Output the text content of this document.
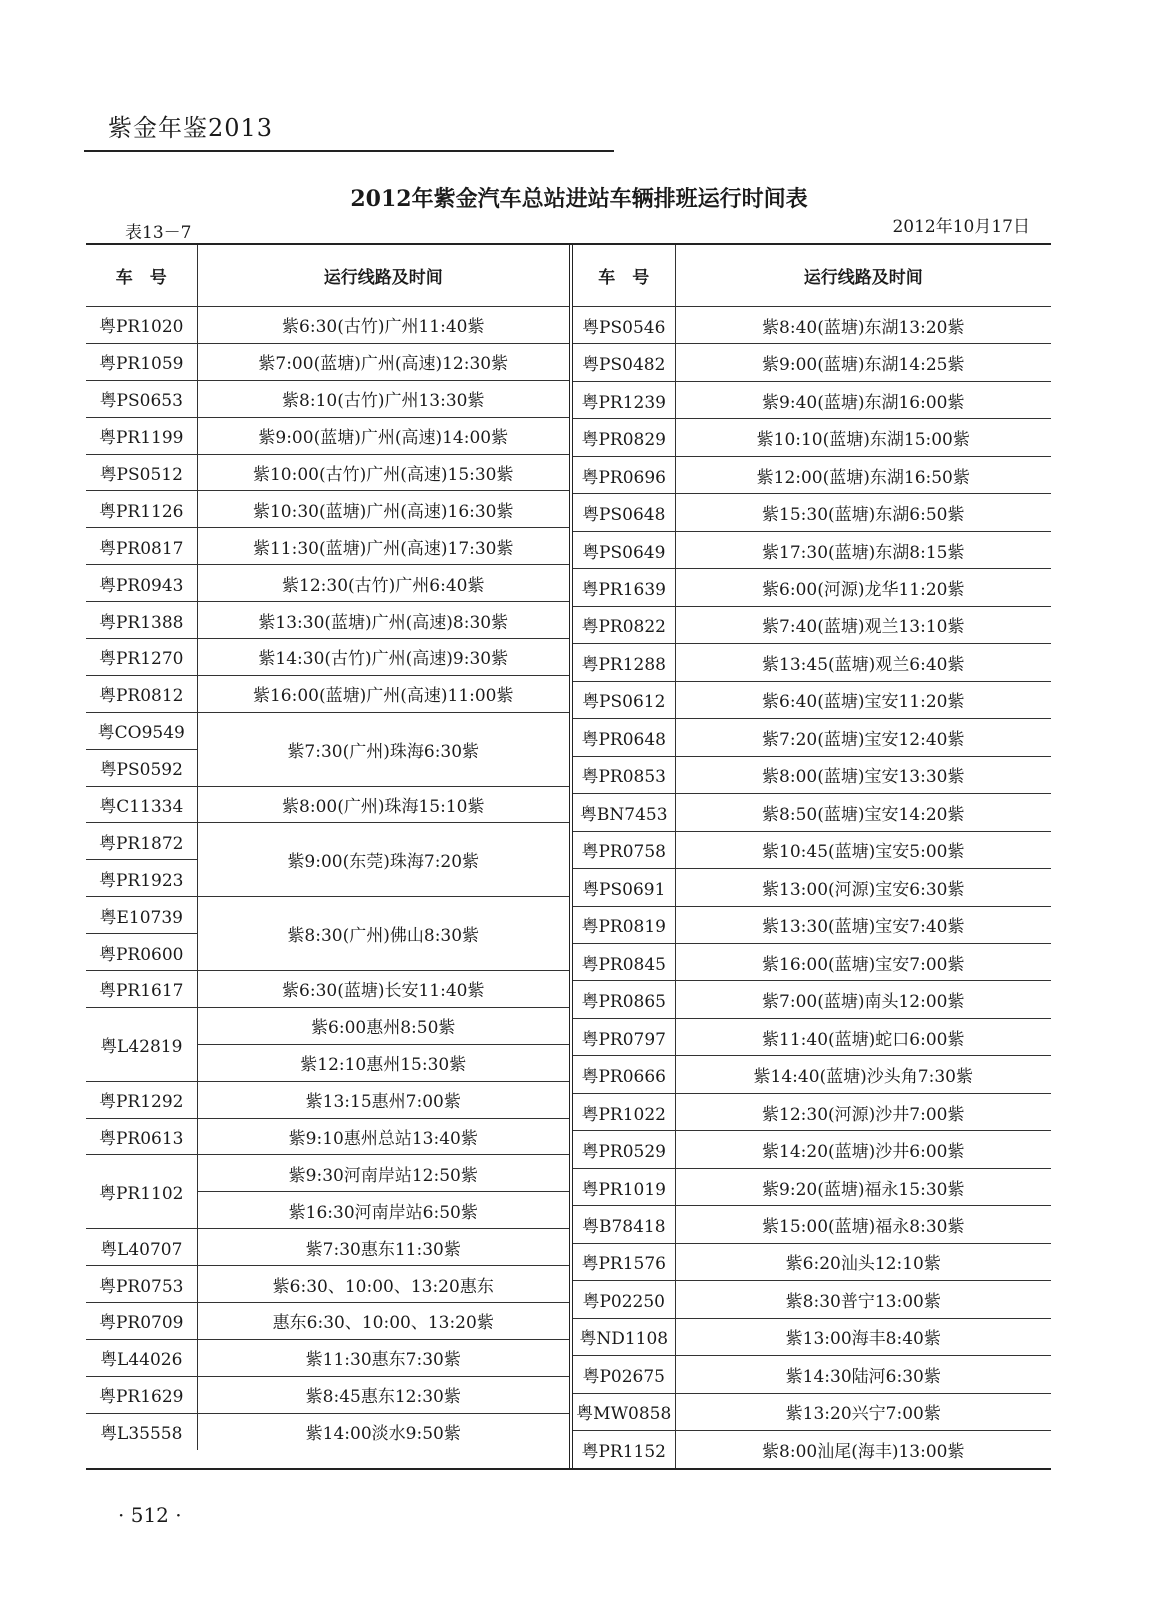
紫金年鉴2013
2012年紫金汽车总站进站车辆排班运行时间表
表13－7	2012年10月17日
车　号	运行线路及时间
粤PR1020	紫6:30(古竹)广州11:40紫
粤PR1059	紫7:00(蓝塘)广州(高速)12:30紫
粤PS0653	紫8:10(古竹)广州13:30紫
粤PR1199	紫9:00(蓝塘)广州(高速)14:00紫
粤PS0512	紫10:00(古竹)广州(高速)15:30紫
粤PR1126	紫10:30(蓝塘)广州(高速)16:30紫
粤PR0817	紫11:30(蓝塘)广州(高速)17:30紫
粤PR0943	紫12:30(古竹)广州6:40紫
粤PR1388	紫13:30(蓝塘)广州(高速)8:30紫
粤PR1270	紫14:30(古竹)广州(高速)9:30紫
粤PR0812	紫16:00(蓝塘)广州(高速)11:00紫
粤CO9549	紫7:30(广州)珠海6:30紫
粤PS0592	
粤C11334	紫8:00(广州)珠海15:10紫
粤PR1872	紫9:00(东莞)珠海7:20紫
粤PR1923	
粤E10739	紫8:30(广州)佛山8:30紫
粤PR0600	
粤PR1617	紫6:30(蓝塘)长安11:40紫
粤L42819	紫6:00惠州8:50紫
	紫12:10惠州15:30紫
粤PR1292	紫13:15惠州7:00紫
粤PR0613	紫9:10惠州总站13:40紫
粤PR1102	紫9:30河南岸站12:50紫
	紫16:30河南岸站6:50紫
粤L40707	紫7:30惠东11:30紫
粤PR0753	紫6:30、10:00、13:20惠东
粤PR0709	惠东6:30、10:00、13:20紫
粤L44026	紫11:30惠东7:30紫
粤PR1629	紫8:45惠东12:30紫
粤L35558	紫14:00淡水9:50紫
车　号	运行线路及时间
粤PS0546	紫8:40(蓝塘)东湖13:20紫
粤PS0482	紫9:00(蓝塘)东湖14:25紫
粤PR1239	紫9:40(蓝塘)东湖16:00紫
粤PR0829	紫10:10(蓝塘)东湖15:00紫
粤PR0696	紫12:00(蓝塘)东湖16:50紫
粤PS0648	紫15:30(蓝塘)东湖6:50紫
粤PS0649	紫17:30(蓝塘)东湖8:15紫
粤PR1639	紫6:00(河源)龙华11:20紫
粤PR0822	紫7:40(蓝塘)观兰13:10紫
粤PR1288	紫13:45(蓝塘)观兰6:40紫
粤PS0612	紫6:40(蓝塘)宝安11:20紫
粤PR0648	紫7:20(蓝塘)宝安12:40紫
粤PR0853	紫8:00(蓝塘)宝安13:30紫
粤BN7453	紫8:50(蓝塘)宝安14:20紫
粤PR0758	紫10:45(蓝塘)宝安5:00紫
粤PS0691	紫13:00(河源)宝安6:30紫
粤PR0819	紫13:30(蓝塘)宝安7:40紫
粤PR0845	紫16:00(蓝塘)宝安7:00紫
粤PR0865	紫7:00(蓝塘)南头12:00紫
粤PR0797	紫11:40(蓝塘)蛇口6:00紫
粤PR0666	紫14:40(蓝塘)沙头角7:30紫
粤PR1022	紫12:30(河源)沙井7:00紫
粤PR0529	紫14:20(蓝塘)沙井6:00紫
粤PR1019	紫9:20(蓝塘)福永15:30紫
粤B78418	紫15:00(蓝塘)福永8:30紫
粤PR1576	紫6:20汕头12:10紫
粤P02250	紫8:30普宁13:00紫
粤ND1108	紫13:00海丰8:40紫
粤P02675	紫14:30陆河6:30紫
粤MW0858	紫13:20兴宁7:00紫
粤PR1152	紫8:00汕尾(海丰)13:00紫
· 512 ·
